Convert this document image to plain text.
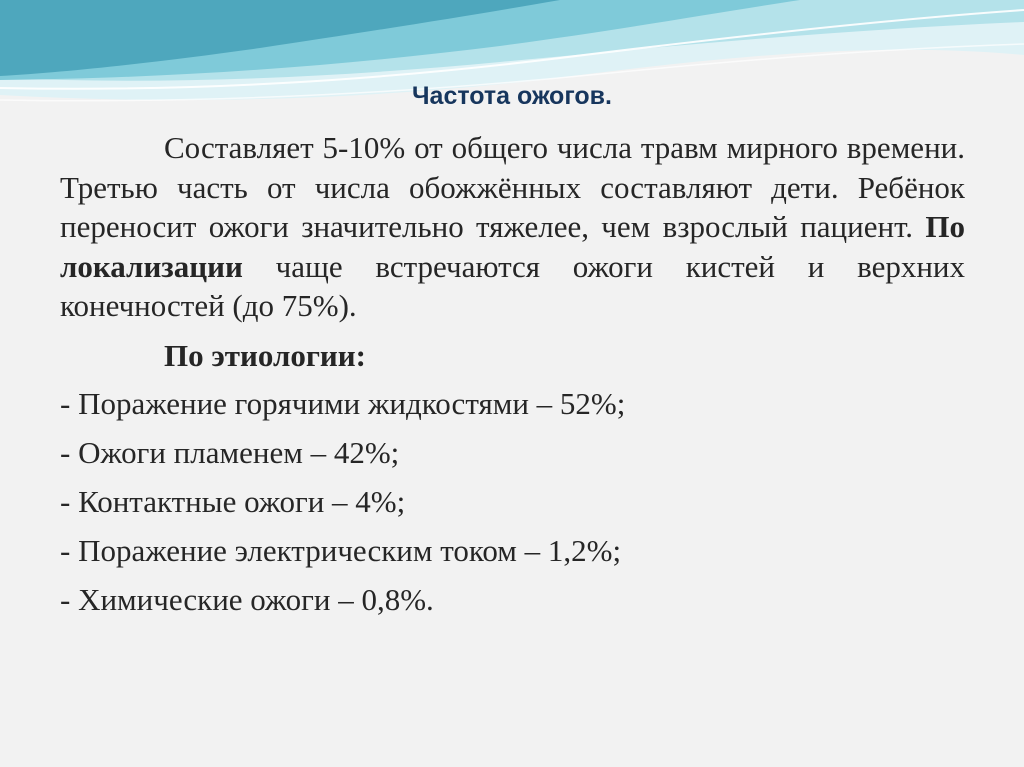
Частота ожогов.

Составляет 5-10% от общего числа травм мирного времени. Третью часть от числа обожжённых составляют дети. Ребёнок переносит ожоги значительно тяжелее, чем взрослый пациент. По локализации чаще встречаются ожоги кистей и верхних конечностей (до 75%).

По этиологии:

- Поражение горячими жидкостями – 52%;
- Ожоги пламенем – 42%;
- Контактные ожоги – 4%;
- Поражение электрическим током – 1,2%;
- Химические ожоги – 0,8%.
